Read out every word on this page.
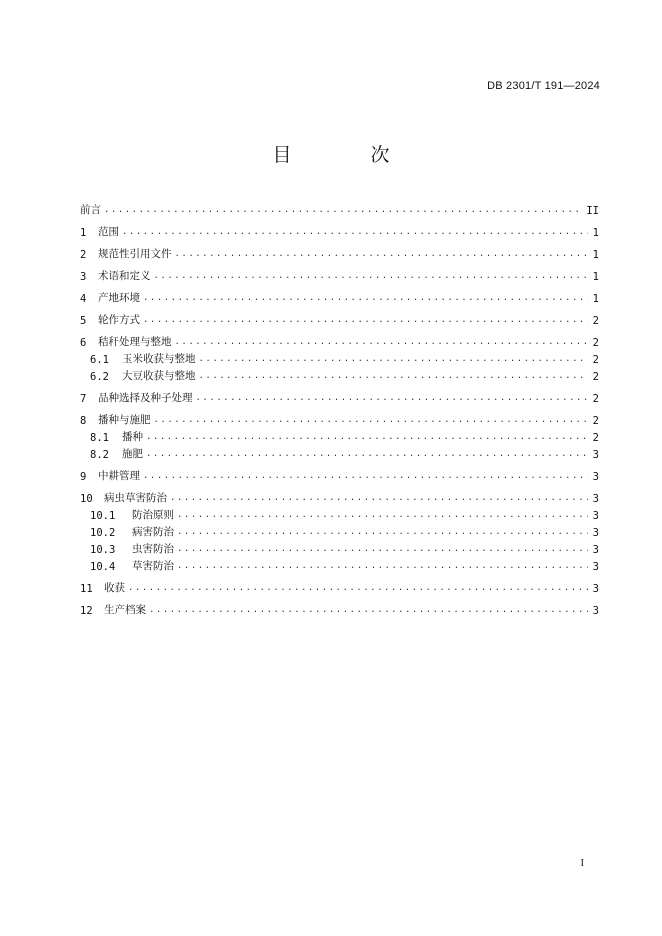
DB 2301/T 191—2024
目　次
前言 .....	II
1	范围 .....	1
2	规范性引用文件 .....	1
3	术语和定义 .....	1
4	产地环境 .....	1
5	轮作方式 .....	2
6	秸秆处理与整地 .....	2
6.1	玉米收获与整地 .....	2
6.2	大豆收获与整地 .....	2
7	品种选择及种子处理 .....	2
8	播种与施肥 .....	2
8.1	播种 .....	2
8.2	施肥 .....	3
9	中耕管理 .....	3
10	病虫草害防治 .....	3
10.1	防治原则 .....	3
10.2	病害防治 .....	3
10.3	虫害防治 .....	3
10.4	草害防治 .....	3
11	收获 .....	3
12	生产档案 .....	3
I
